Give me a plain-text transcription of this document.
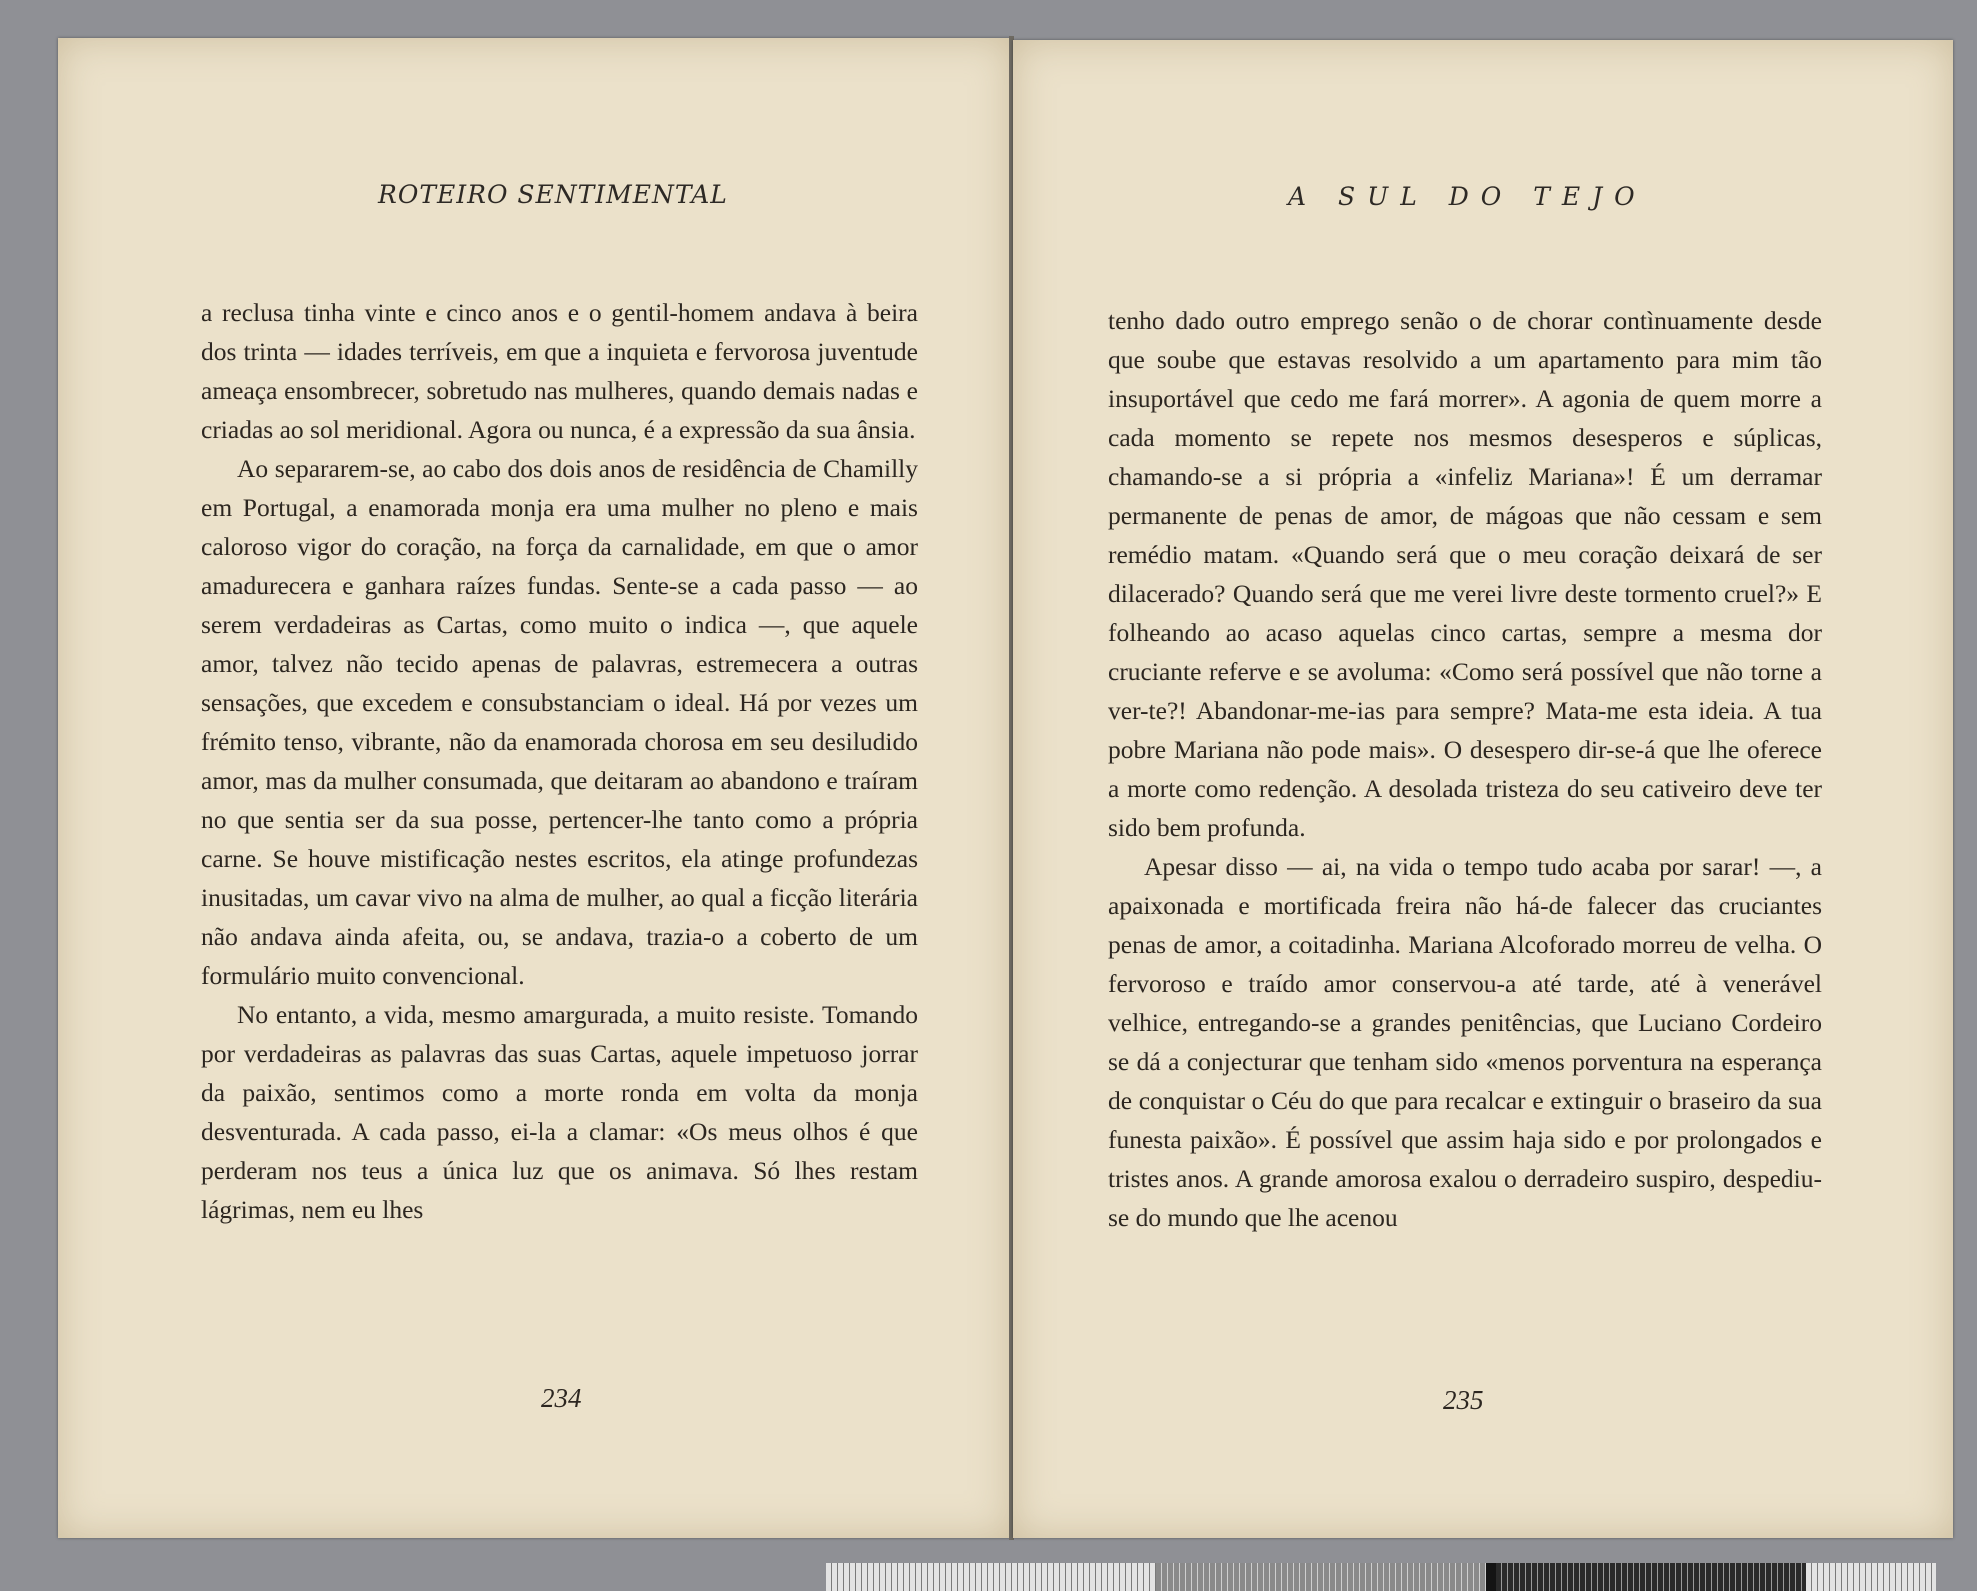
ROTEIRO SENTIMENTAL

a reclusa tinha vinte e cinco anos e o gentil-homem andava à beira dos trinta — idades terríveis, em que a inquieta e fervorosa juventude ameaça ensombrecer, sobretudo nas mulheres, quando demais nadas e criadas ao sol meridional. Agora ou nunca, é a expressão da sua ânsia.

Ao separarem-se, ao cabo dos dois anos de residência de Chamilly em Portugal, a enamorada monja era uma mulher no pleno e mais caloroso vigor do coração, na força da carnalidade, em que o amor amadurecera e ganhara raízes fundas. Sente-se a cada passo — ao serem verdadeiras as Cartas, como muito o indica —, que aquele amor, talvez não tecido apenas de palavras, estremecera a outras sensações, que excedem e consubstanciam o ideal. Há por vezes um frémito tenso, vibrante, não da enamorada chorosa em seu desiludido amor, mas da mulher consumada, que deitaram ao abandono e traíram no que sentia ser da sua posse, pertencer-lhe tanto como a própria carne. Se houve mistificação nestes escritos, ela atinge profundezas inusitadas, um cavar vivo na alma de mulher, ao qual a ficção literária não andava ainda afeita, ou, se andava, trazia-o a coberto de um formulário muito convencional.

No entanto, a vida, mesmo amargurada, a muito resiste. Tomando por verdadeiras as palavras das suas Cartas, aquele impetuoso jorrar da paixão, sentimos como a morte ronda em volta da monja desventurada. A cada passo, ei-la a clamar: «Os meus olhos é que perderam nos teus a única luz que os animava. Só lhes restam lágrimas, nem eu lhes

234
A SUL DO TEJO

tenho dado outro emprego senão o de chorar contìnuamente desde que soube que estavas resolvido a um apartamento para mim tão insuportável que cedo me fará morrer». A agonia de quem morre a cada momento se repete nos mesmos desesperos e súplicas, chamando-se a si própria a «infeliz Mariana»! É um derramar permanente de penas de amor, de mágoas que não cessam e sem remédio matam. «Quando será que o meu coração deixará de ser dilacerado? Quando será que me verei livre deste tormento cruel?» E folheando ao acaso aquelas cinco cartas, sempre a mesma dor cruciante referve e se avoluma: «Como será possível que não torne a ver-te?! Abandonar-me-ias para sempre? Mata-me esta ideia. A tua pobre Mariana não pode mais». O desespero dir-se-á que lhe oferece a morte como redenção. A desolada tristeza do seu cativeiro deve ter sido bem profunda.

Apesar disso — ai, na vida o tempo tudo acaba por sarar! —, a apaixonada e mortificada freira não há-de falecer das cruciantes penas de amor, a coitadinha. Mariana Alcoforado morreu de velha. O fervoroso e traído amor conservou-a até tarde, até à venerável velhice, entregando-se a grandes penitências, que Luciano Cordeiro se dá a conjecturar que tenham sido «menos porventura na esperança de conquistar o Céu do que para recalcar e extinguir o braseiro da sua funesta paixão». É possível que assim haja sido e por prolongados e tristes anos. A grande amorosa exalou o derradeiro suspiro, despediu-se do mundo que lhe acenou

235
